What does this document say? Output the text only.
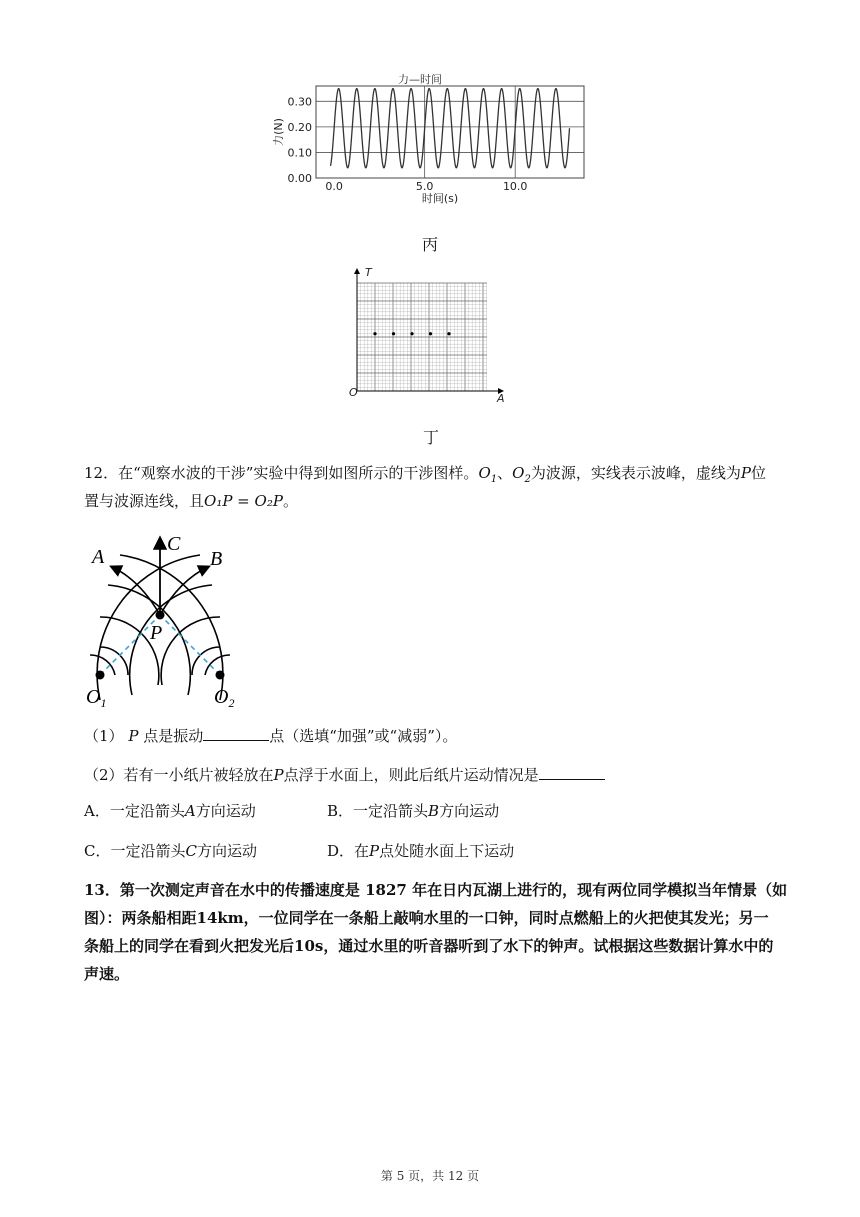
力—时间
0.00
0.10
0.20
0.30
0.0	5.0	10.0
时间(s)
力(N)
丙
T
A
O
丁
12．在“观察水波的干涉”实验中得到如图所示的干涉图样。$O_1$、$O_2$为波源，实线表示波峰，虚线为P位
置与波源连线，且O₁P = O₂P。
A	B
C
P
$O_1$	$O_2$
（1） P 点是振动	点（选填“加强”或“减弱”）。
（2）若有一小纸片被轻放在P点浮于水面上，则此后纸片运动情况是
A．一定沿箭头A方向运动	B．一定沿箭头B方向运动
C．一定沿箭头C方向运动	D．在P点处随水面上下运动
13．第一次测定声音在水中的传播速度是 1827 年在日内瓦湖上进行的，现有两位同学模拟当年情景（如
图）：两条船相距14km，一位同学在一条船上敲响水里的一口钟，同时点燃船上的火把使其发光；另一
条船上的同学在看到火把发光后10s，通过水里的听音器听到了水下的钟声。试根据这些数据计算水中的
声速。
第 5 页，共 12 页
